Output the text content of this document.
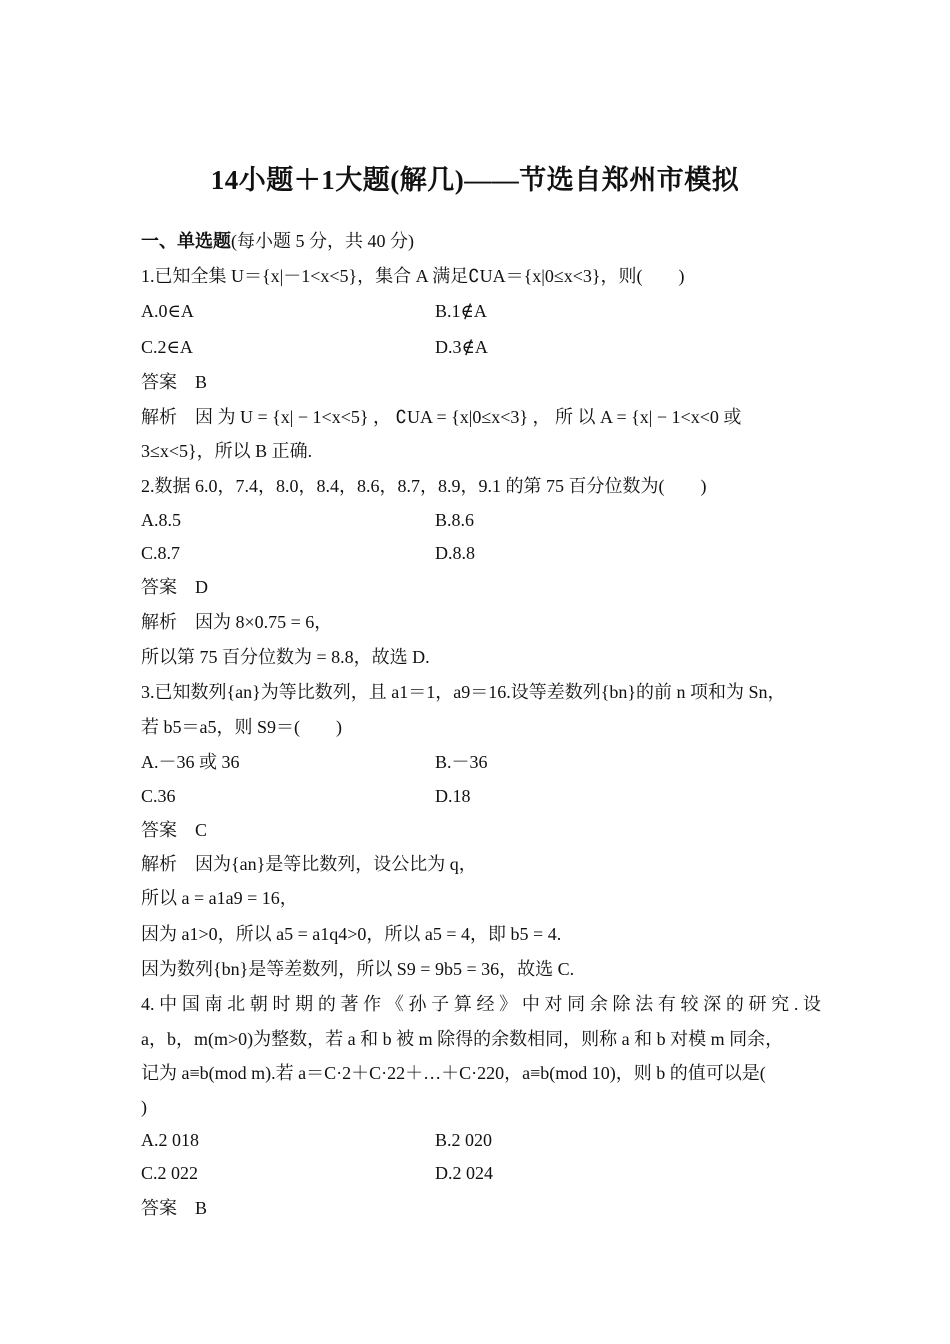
14小题＋1大题(解几)——节选自郑州市模拟
一、单选题(每小题 5 分，共 40 分)
1.已知全集 U＝{x|－1<x<5}，集合 A 满足∁UA＝{x|0≤x<3}，则(　　)
A.0∈A	B.1∉A
C.2∈A	D.3∉A
答案 B
解析 因 为 U = {x| − 1<x<5} ， ∁UA = {x|0≤x<3} ， 所 以 A = {x| − 1<x<0 或
3≤x<5}，所以 B 正确.
2.数据 6.0，7.4，8.0，8.4，8.6，8.7，8.9，9.1 的第 75 百分位数为(　　)
A.8.5	B.8.6
C.8.7	D.8.8
答案 D
解析 因为 8×0.75 = 6，
所以第 75 百分位数为 = 8.8，故选 D.
3.已知数列{an}为等比数列，且 a1＝1，a9＝16.设等差数列{bn}的前 n 项和为 Sn，
若 b5＝a5，则 S9＝(　　)
A.－36 或 36	B.－36
C.36	D.18
答案 C
解析 因为{an}是等比数列，设公比为 q，
所以 a = a1a9 = 16，
因为 a1>0，所以 a5 = a1q4>0，所以 a5 = 4，即 b5 = 4.
因为数列{bn}是等差数列，所以 S9 = 9b5 = 36，故选 C.
4.中国南北朝时期的著作《孙子算经》中对同余除法有较深的研究.设
a，b，m(m>0)为整数，若 a 和 b 被 m 除得的余数相同，则称 a 和 b 对模 m 同余，
记为 a≡b(mod m).若 a＝C·2＋C·22＋…＋C·220，a≡b(mod 10)，则 b 的值可以是(
)
A.2 018	B.2 020
C.2 022	D.2 024
答案 B
